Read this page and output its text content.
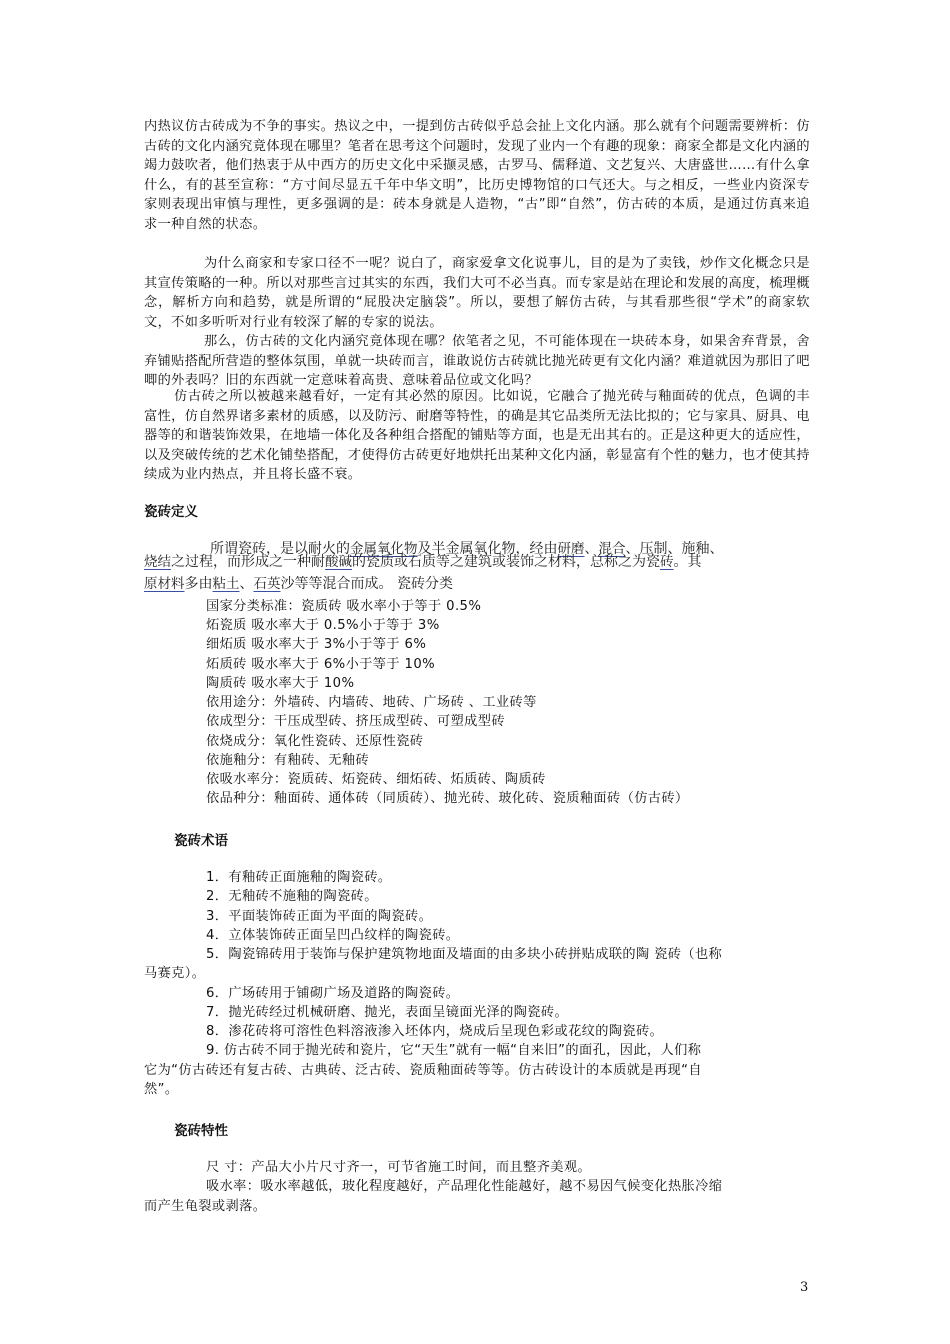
内热议仿古砖成为不争的事实。热议之中，一提到仿古砖似乎总会扯上文化内涵。那么就有个问题需要辨析：仿古砖的文化内涵究竟体现在哪里？笔者在思考这个问题时，发现了业内一个有趣的现象：商家全都是文化内涵的竭力鼓吹者，他们热衷于从中西方的历史文化中采撷灵感，古罗马、儒释道、文艺复兴、大唐盛世……有什么拿什么，有的甚至宣称：“方寸间尽显五千年中华文明”，比历史博物馆的口气还大。与之相反，一些业内资深专家则表现出审慎与理性，更多强调的是：砖本身就是人造物，“古”即“自然”，仿古砖的本质，是通过仿真来追求一种自然的状态。

为什么商家和专家口径不一呢？说白了，商家爱拿文化说事儿，目的是为了卖钱，炒作文化概念只是其宣传策略的一种。所以对那些言过其实的东西，我们大可不必当真。而专家是站在理论和发展的高度，梳理概念，解析方向和趋势，就是所谓的“屁股决定脑袋”。所以，要想了解仿古砖，与其看那些很“学术”的商家软文，不如多听听对行业有较深了解的专家的说法。

那么，仿古砖的文化内涵究竟体现在哪？依笔者之见，不可能体现在一块砖本身，如果舍弃背景，舍弃铺贴搭配所营造的整体氛围，单就一块砖而言，谁敢说仿古砖就比抛光砖更有文化内涵？难道就因为那旧了吧唧的外表吗？旧的东西就一定意味着高贵、意味着品位或文化吗？

仿古砖之所以被越来越看好，一定有其必然的原因。比如说，它融合了抛光砖与釉面砖的优点，色调的丰富性，仿自然界诸多素材的质感，以及防污、耐磨等特性，的确是其它品类所无法比拟的；它与家具、厨具、电器等的和谐装饰效果，在地墙一体化及各种组合搭配的铺贴等方面，也是无出其右的。正是这种更大的适应性，以及突破传统的艺术化铺垫搭配，才使得仿古砖更好地烘托出某种文化内涵，彰显富有个性的魅力，也才使其持续成为业内热点，并且将长盛不衰。

瓷砖定义

所谓瓷砖，是以耐火的金属氧化物及半金属氧化物，经由研磨、混合、压制、施釉、
烧结之过程，而形成之一种耐酸碱的瓷质或石质等之建筑或装饰之材料，总称之为瓷砖。其
原材料多由粘土、石英沙等等混合而成。 瓷砖分类

国家分类标准：瓷质砖 吸水率小于等于 0.5%

炻瓷质 吸水率大于 0.5%小于等于 3%

细炻质 吸水率大于 3%小于等于 6%

炻质砖 吸水率大于 6%小于等于 10%

陶质砖 吸水率大于 10%

依用途分：外墙砖、内墙砖、地砖、广场砖 、工业砖等

依成型分：干压成型砖、挤压成型砖、可塑成型砖

依烧成分：氧化性瓷砖、还原性瓷砖

依施釉分：有釉砖、无釉砖

依吸水率分：瓷质砖、炻瓷砖、细炻砖、炻质砖、陶质砖

依品种分：釉面砖、通体砖（同质砖）、抛光砖、玻化砖、瓷质釉面砖（仿古砖）

瓷砖术语

1．有釉砖正面施釉的陶瓷砖。

2．无釉砖不施釉的陶瓷砖。

3．平面装饰砖正面为平面的陶瓷砖。

4．立体装饰砖正面呈凹凸纹样的陶瓷砖。

5．陶瓷锦砖用于装饰与保护建筑物地面及墙面的由多块小砖拼贴成联的陶 瓷砖（也称

马赛克）。

6．广场砖用于铺砌广场及道路的陶瓷砖。

7．抛光砖经过机械研磨、抛光，表面呈镜面光泽的陶瓷砖。

8．渗花砖将可溶性色料溶液渗入坯体内，烧成后呈现色彩或花纹的陶瓷砖。

9. 仿古砖不同于抛光砖和瓷片，它“天生”就有一幅“自来旧”的面孔，因此，人们称

它为“仿古砖还有复古砖、古典砖、泛古砖、瓷质釉面砖等等。仿古砖设计的本质就是再现“自

然”。

瓷砖特性

尺 寸：产品大小片尺寸齐一，可节省施工时间，而且整齐美观。

吸水率：吸水率越低，玻化程度越好，产品理化性能越好，越不易因气候变化热胀冷缩

而产生龟裂或剥落。

3
